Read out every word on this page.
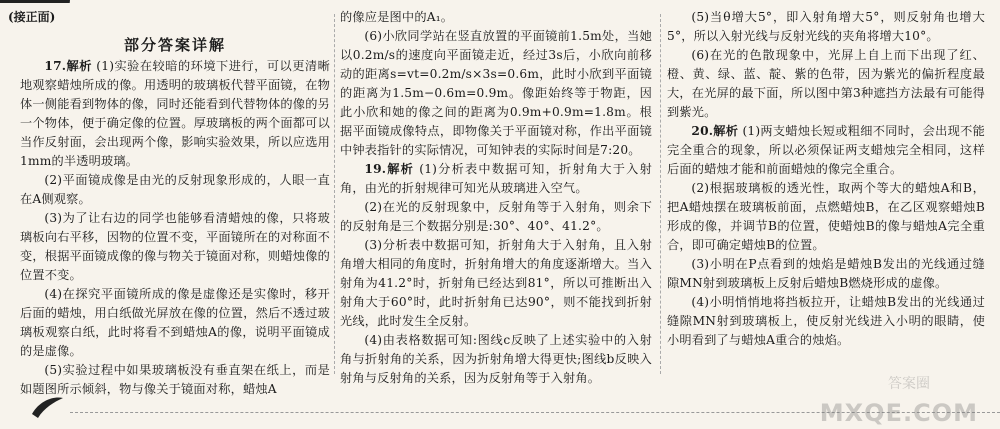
(接正面)
部分答案详解

17.解析 (1)实验在较暗的环境下进行，可以更清晰地观察蜡烛所成的像。用透明的玻璃板代替平面镜，在物体一侧能看到物体的像，同时还能看到代替物体的像的另一个物体，便于确定像的位置。厚玻璃板的两个面都可以当作反射面，会出现两个像，影响实验效果，所以应选用1mm的半透明玻璃。

(2)平面镜成像是由光的反射现象形成的，人眼一直在A侧观察。

(3)为了让右边的同学也能够看清蜡烛的像，只将玻璃板向右平移，因物的位置不变，平面镜所在的对称面不变，根据平面镜成像的像与物关于镜面对称，则蜡烛像的位置不变。

(4)在探究平面镜所成的像是虚像还是实像时，移开后面的蜡烛，用白纸做光屏放在像的位置，然后不透过玻璃板观察白纸，此时将看不到蜡烛A的像，说明平面镜成的是虚像。

(5)实验过程中如果玻璃板没有垂直架在纸上，而是如题图所示倾斜，物与像关于镜面对称，蜡烛A

的像应是图中的A₁。

(6)小欣同学站在竖直放置的平面镜前1.5m处，当她以0.2m/s的速度向平面镜走近，经过3s后，小欣向前移动的距离s=vt=0.2m/s×3s=0.6m，此时小欣到平面镜的距离为1.5m−0.6m=0.9m。像距始终等于物距，因此小欣和她的像之间的距离为0.9m+0.9m=1.8m。根据平面镜成像特点，即物像关于平面镜对称，作出平面镜中钟表指针的实际情况，可知钟表的实际时间是7:20。

19.解析 (1)分析表中数据可知，折射角大于入射角，由光的折射规律可知光从玻璃进入空气。

(2)在光的反射现象中，反射角等于入射角，则余下的反射角是三个数据分别是:30°、40°、41.2°。

(3)分析表中数据可知，折射角大于入射角，且入射角增大相同的角度时，折射角增大的角度逐渐增大。当入射角为41.2°时，折射角已经达到81°，所以可推断出入射角大于60°时，此时折射角已达90°，则不能找到折射光线，此时发生全反射。

(4)由表格数据可知:图线c反映了上述实验中的入射角与折射角的关系，因为折射角增大得更快;图线b反映入射角与反射角的关系，因为反射角等于入射角。

(5)当θ增大5°，即入射角增大5°，则反射角也增大5°，所以入射光线与反射光线的夹角将增大10°。

(6)在光的色散现象中，光屏上自上而下出现了红、橙、黄、绿、蓝、靛、紫的色带，因为紫光的偏折程度最大，在光屏的最下面，所以图中第3种遮挡方法最有可能得到紫光。

20.解析 (1)两支蜡烛长短或粗细不同时，会出现不能完全重合的现象，所以必须保证两支蜡烛完全相同，这样后面的蜡烛才能和前面蜡烛的像完全重合。

(2)根据玻璃板的透光性，取两个等大的蜡烛A和B，把A蜡烛摆在玻璃板前面，点燃蜡烛B，在乙区观察蜡烛B形成的像，并调节B的位置，使蜡烛B的像与蜡烛A完全重合，即可确定蜡烛B的位置。

(3)小明在P点看到的烛焰是蜡烛B发出的光线通过缝隙MN射到玻璃板上反射后蜡烛B燃烧形成的虚像。

(4)小明悄悄地将挡板拉开，让蜡烛B发出的光线通过缝隙MN射到玻璃板上，使反射光线进入小明的眼睛，使小明看到了与蜡烛A重合的烛焰。

答案圈
MXQE.COM
